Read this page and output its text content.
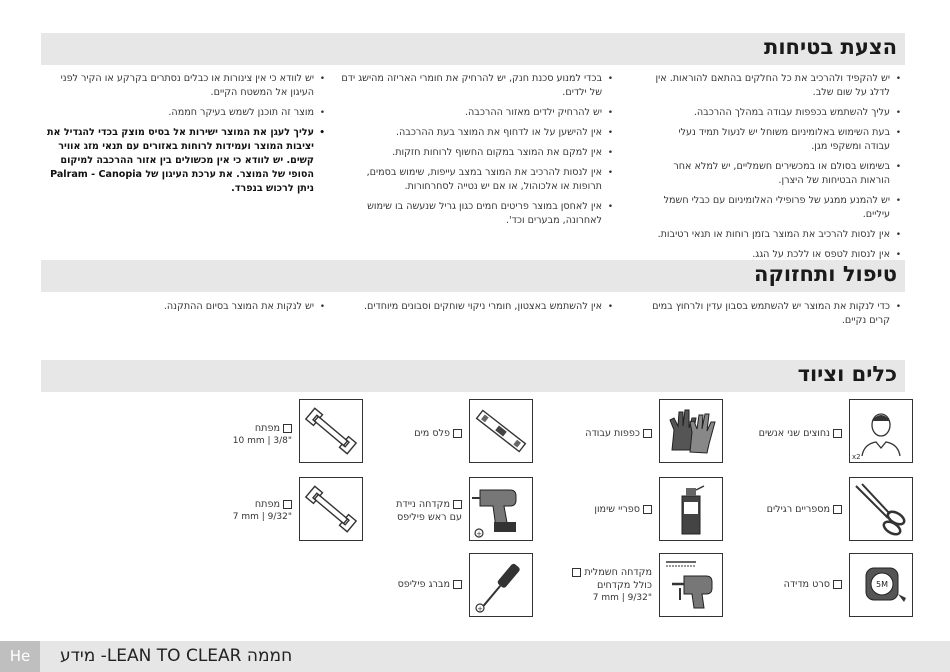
הצעת בטיחות
• יש להקפיד ולהרכיב את כל החלקים בהתאם להוראות. אין לדלג על שום שלב.
• עליך להשתמש בכפפות עבודה במהלך ההרכבה.
• בעת השימוש באלומיניום משוחל יש לנעול תמיד נעלי עבודה ומשקפי מגן.
• בשימוש בסולם או במכשירים חשמליים, יש למלא אחר הוראות הבטיחות של היצרן.
• יש להמנע ממגע של פרופילי האלומיניום עם כבלי חשמל עיליים.
• אין לנסות להרכיב את המוצר בזמן רוחות או תנאי רטיבות.
• אין לנסות לטפס או ללכת על הגג.
• בכדי למנוע סכנת חנק, יש להרחיק את חומרי האריזה מהישג ידם של ילדים.
• יש להרחיק ילדים מאזור ההרכבה.
• אין להישען על או לדחוף את המוצר בעת ההרכבה.
• אין למקם את המוצר במקום החשוף לרוחות חזקות.
• אין לנסות להרכיב את המוצר במצב עייפות, שימוש בסמים, תרופות או אלכוהול, או אם יש נטייה לסחרחורות.
• אין לאחסן במוצר פריטים חמים כגון גריל שנעשה בו שימוש לאחרונה, מבערים וכד'.
• יש לוודא כי אין צינורות או כבלים נסתרים בקרקע או הקיר לפני העיגון אל המשטח הקיים.
• מוצר זה תוכנן לשמש בעיקר חממה.
• עליך לעגן את המוצר ישירות אל בסיס מוצק בכדי להגדיל את יציבות המוצר ועמידות לרוחות באזורים עם תנאי מזג אוויר קשים. יש לוודא כי אין מכשולים בין אזור ההרכבה למיקום הסופי של המוצר. את ערכת העיגון של Palram - Canopia ניתן לרכוש בנפרד.
טיפול ותחזוקה
• כדי לנקות את המוצר יש להשתמש בסבון עדין ולרחוץ במים קרים נקיים.
• אין להשתמש באצטון, חומרי ניקוי שוחקים וסבונים מיוחדים.
• יש לנקות את המוצר בסיום ההתקנה.
כלים וציוד
x2
נחוצים שני אנשים
כפפות עבודה
פלס מים
מפתח
10 mm | 3/8"
מספריים רגילים
ספריי שימון
+
מקדחה ניידת
עם ראש פיליפס
מפתח
7 mm | 9/32"
5M
סרט מדידה
מקדחה חשמלית
כולל מקדחים
7 mm | 9/32"
+
מברג פיליפס
He	חממה LEAN TO CLEAR- מידע
